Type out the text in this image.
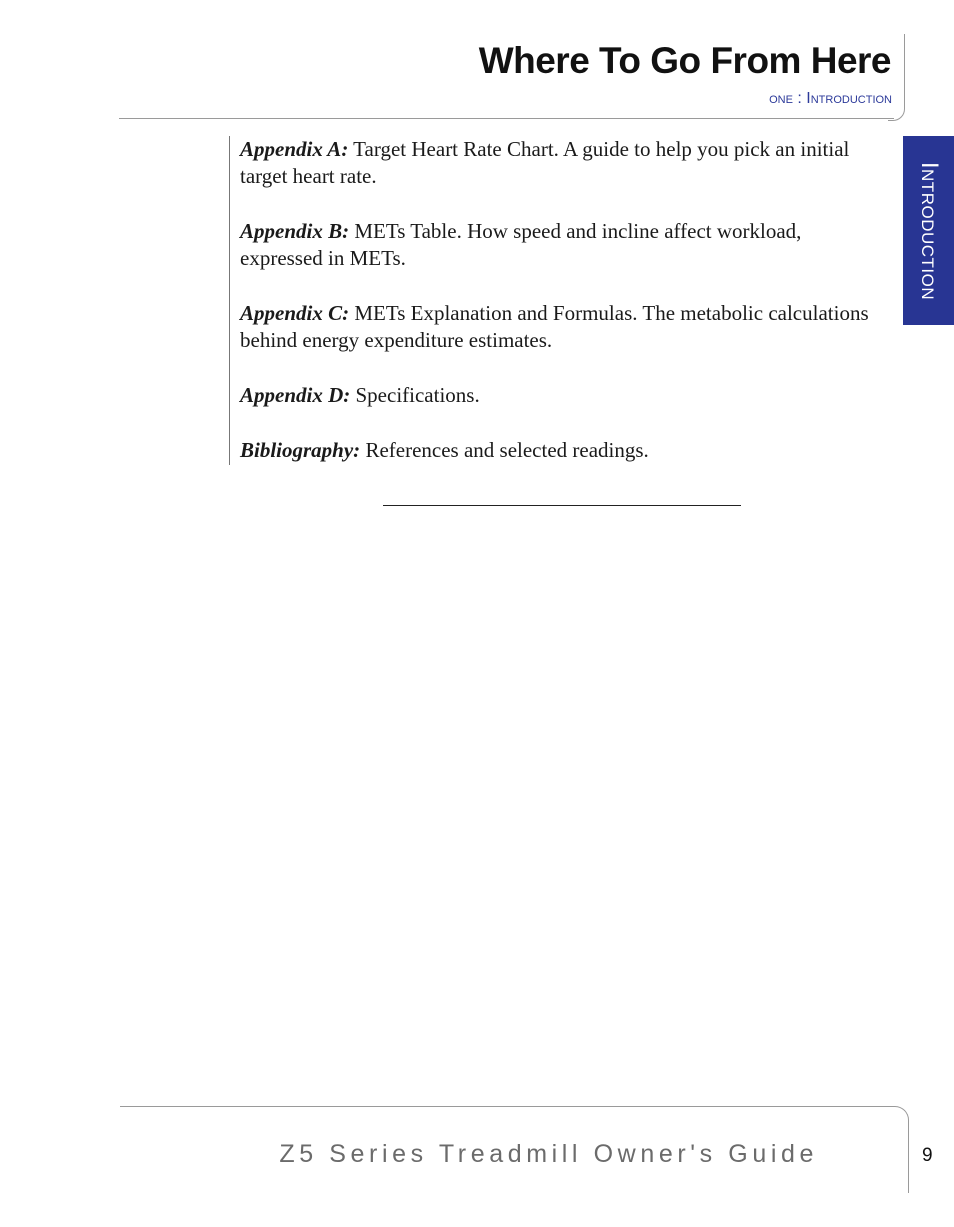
Where To Go From Here
one : Introduction
Introduction

Appendix A: Target Heart Rate Chart. A guide to help you pick an initial target heart rate.

Appendix B: METs Table. How speed and incline affect workload, expressed in METs.

Appendix C: METs Explanation and Formulas. The metabolic calculations behind energy expenditure estimates.

Appendix D: Specifications.

Bibliography: References and selected readings.

Z5 Series Treadmill Owner's Guide	9
